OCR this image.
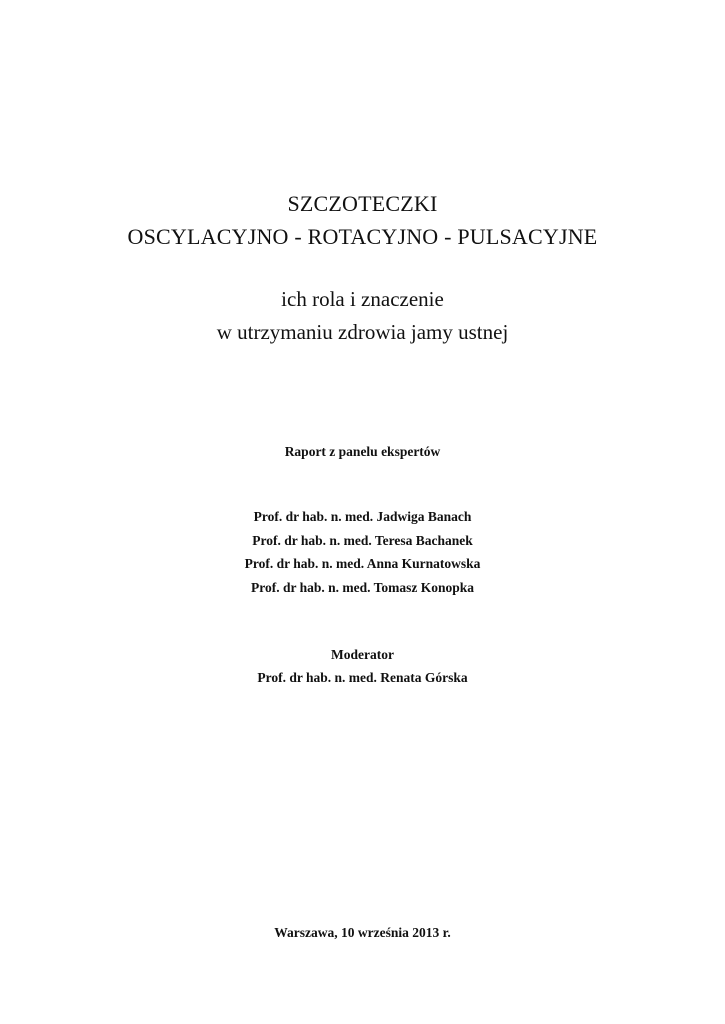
SZCZOTECZKI
OSCYLACYJNO - ROTACYJNO - PULSACYJNE
ich rola i znaczenie
w utrzymaniu zdrowia jamy ustnej
Raport z panelu ekspertów
Prof. dr hab. n. med. Jadwiga Banach
Prof. dr hab. n. med. Teresa Bachanek
Prof. dr hab. n. med. Anna Kurnatowska
Prof. dr hab. n. med. Tomasz Konopka
Moderator
Prof. dr hab. n. med. Renata Górska
Warszawa, 10 września 2013 r.
